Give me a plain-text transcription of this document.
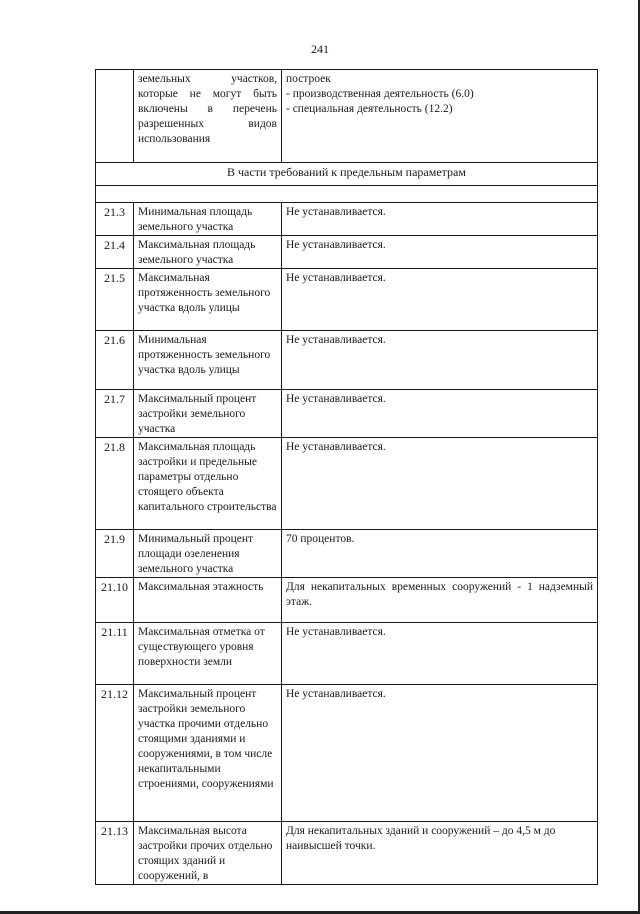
241
	земельных участков, которые не могут быть включены в перечень разрешенных видов использования	построек
- производственная деятельность (6.0)
- специальная деятельность (12.2)

В части требований к предельным параметрам		

21.3	Минимальная площадь земельного участка	Не устанавливается.
21.4	Максимальная площадь земельного участка	Не устанавливается.
21.5	Максимальная протяженность земельного участка вдоль улицы	Не устанавливается.
21.6	Минимальная протяженность земельного участка вдоль улицы	Не устанавливается.
21.7	Максимальный процент застройки земельного участка	Не устанавливается.
21.8	Максимальная площадь застройки и предельные параметры отдельно стоящего объекта капитального строительства	Не устанавливается.
21.9	Минимальный процент площади озеленения земельного участка	70 процентов.
21.10	Максимальная этажность	Для некапитальных временных сооружений - 1 надземный этаж.
21.11	Максимальная отметка от существующего уровня поверхности земли	Не устанавливается.
21.12	Максимальный процент застройки земельного участка прочими отдельно стоящими зданиями и сооружениями, в том числе некапитальными строениями, сооружениями	Не устанавливается.
21.13	Максимальная высота застройки прочих отдельно стоящих зданий и сооружений, в	Для некапитальных зданий и сооружений – до 4,5 м до наивысшей точки.
